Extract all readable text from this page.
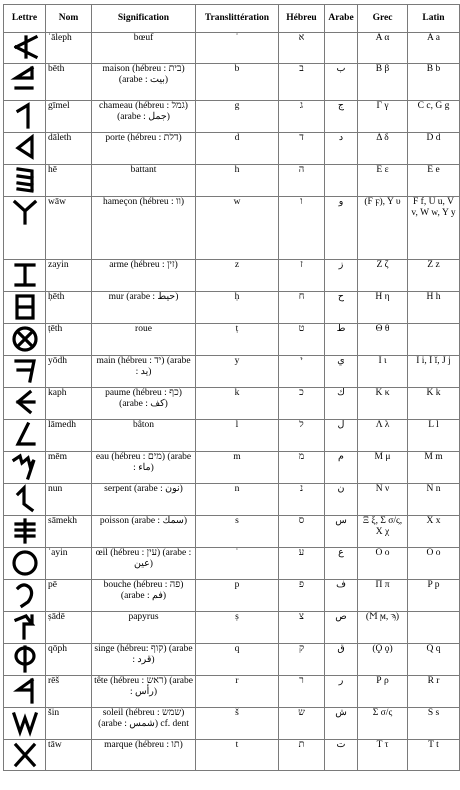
Lettre	Nom	Signification	Translittération	Hébreu	Arabe	Grec	Latin

	ʾāleph	bœuf	ʾ	א		Α α	A a

	bēth	maison (hébreu : בית) (arabe : بيت)	b	ב	ب	Β β	B b

	gīmel	chameau (hébreu : גמל) (arabe : جمل)	g	ג	ج	Γ γ	C c, G g

	dāleth	porte (hébreu : דלת)	d	ד	د	Δ δ	D d

	hē	battant	h	ה		Ε ε	E e

	wāw	hameçon (hébreu : וו)	w	ו	و	(Ϝ ϝ), Υ υ	F f, U u, V v, W w, Y y

	zayin	arme (hébreu : זין)	z	ז	ز	Ζ ζ	Z z

	ḥēth	mur (arabe : حيط)	ḥ	ח	ح	Η η	H h

	ṭēth	roue	ṭ	ט	ط	Θ θ	

	yōdh	main (hébreu : יד) (arabe : يد)	y	י	ي	Ι ι	I i, Ĭ ĭ, J j

	kaph	paume (hébreu : כף) (arabe : كف)	k	כ	ك	Κ κ	K k

	lāmedh	bâton	l	ל	ل	Λ λ	L l

	mēm	eau (hébreu : מים) (arabe : ماء)	m	מ	م	Μ μ	M m

	nun	serpent (arabe : نون)	n	נ	ن	Ν ν	N n

	sāmekh	poisson (arabe : سمك)	s	ס	س	Ξ ξ, Σ σ/ς, Χ χ	X x

	ʿayin	œil (hébreu : עין) (arabe : عين)	ʿ	ע	ع	Ο ο	O o

	pē	bouche (hébreu : פה) (arabe : فم)	p	פ	ف	Π π	P p

	ṣādē	papyrus	ṣ	צ	ص	(Ϻ ϻ, ϡ)	

	qōph	singe (hébreu: קוף) (arabe : قرد)	q	ק	ق	(Ϙ ϙ)	Q q

	rēš	tête (hébreu : ראש) (arabe : رأس)	r	ר	ر	Ρ ρ	R r

	šin	soleil (hébreu : שמש) (arabe : شمس) cf. dent	š	ש	ش	Σ σ/ς	S s

	tāw	marque (hébreu : תו)	t	ת	ت	Τ τ	T t
